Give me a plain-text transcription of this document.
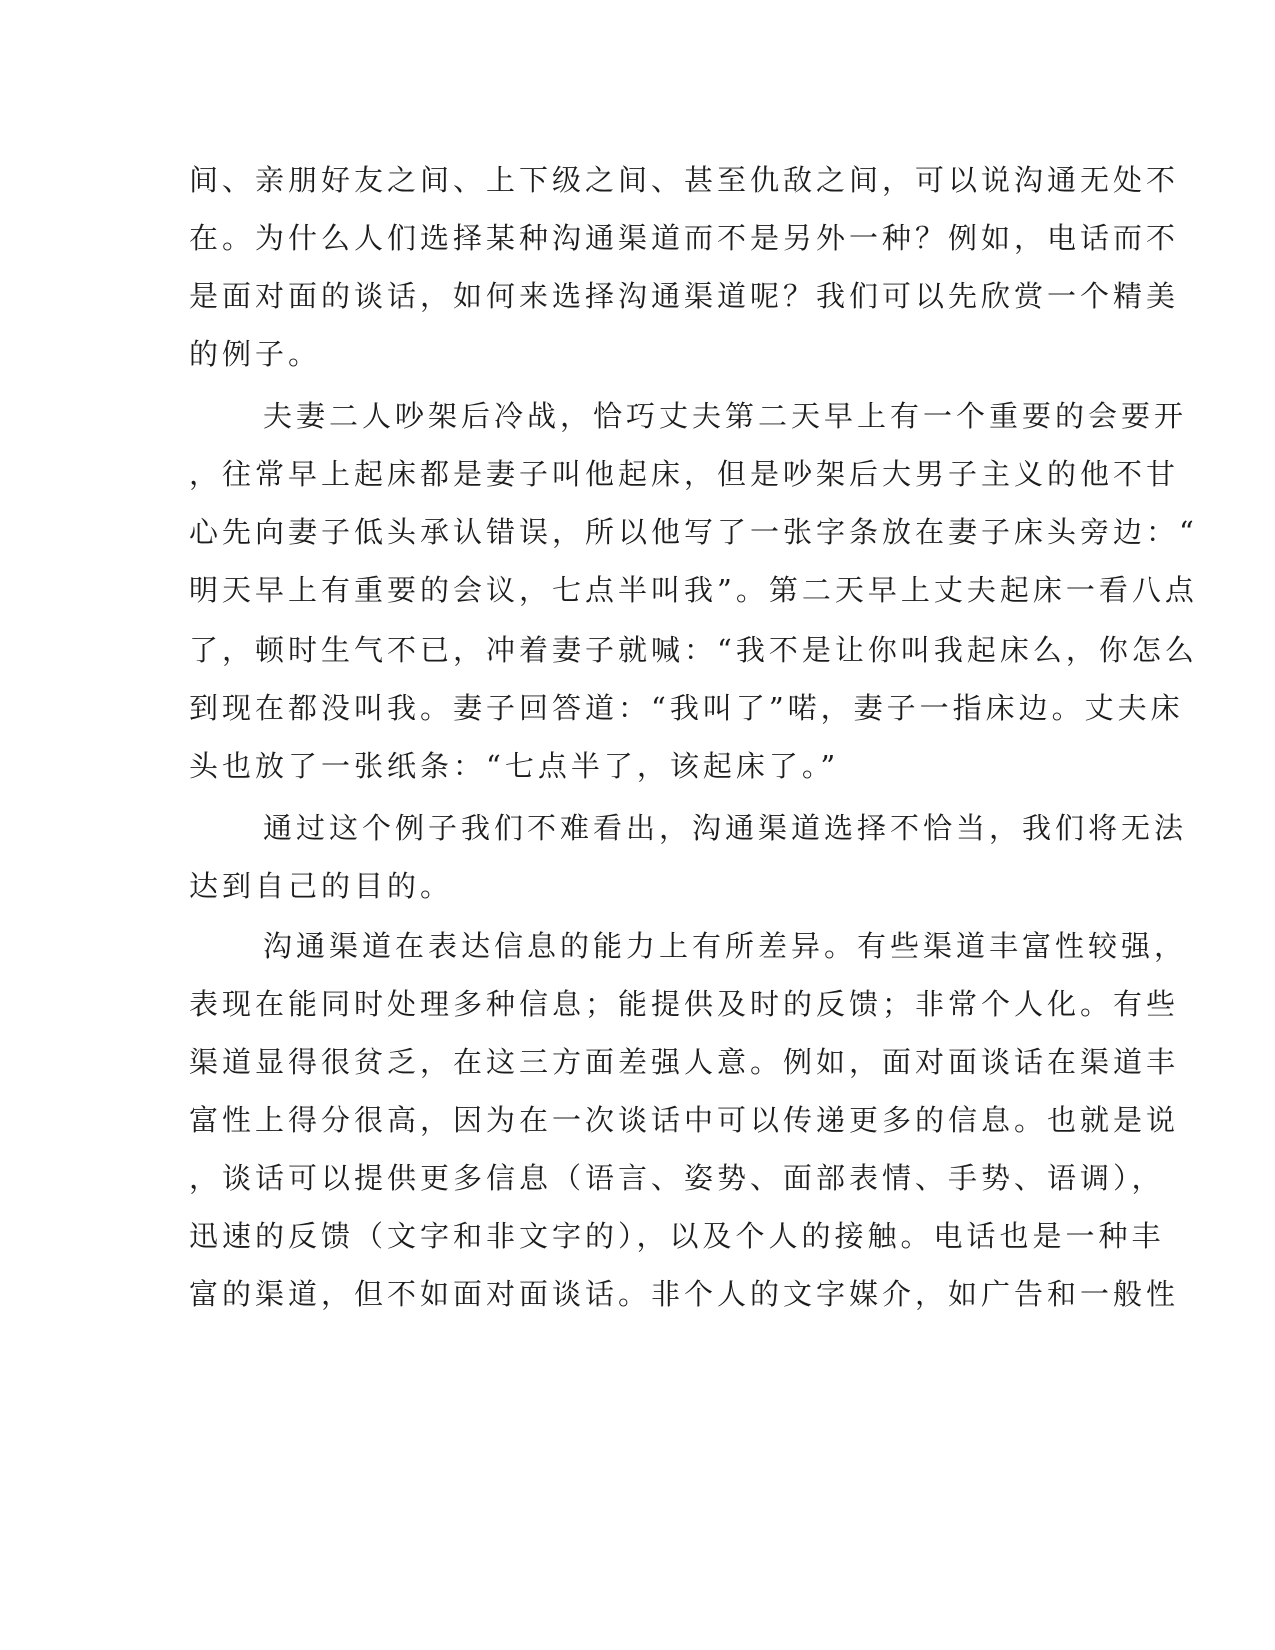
间、亲朋好友之间、上下级之间、甚至仇敌之间，可以说沟通无处不
在。为什么人们选择某种沟通渠道而不是另外一种？例如，电话而不
是面对面的谈话，如何来选择沟通渠道呢？我们可以先欣赏一个精美
的例子。
夫妻二人吵架后冷战，恰巧丈夫第二天早上有一个重要的会要开
，往常早上起床都是妻子叫他起床，但是吵架后大男子主义的他不甘
心先向妻子低头承认错误，所以他写了一张字条放在妻子床头旁边：“
明天早上有重要的会议，七点半叫我”。第二天早上丈夫起床一看八点
了，顿时生气不已，冲着妻子就喊：“我不是让你叫我起床么，你怎么
到现在都没叫我。妻子回答道：“我叫了”喏，妻子一指床边。丈夫床
头也放了一张纸条：“七点半了，该起床了。”
通过这个例子我们不难看出，沟通渠道选择不恰当，我们将无法
达到自己的目的。
沟通渠道在表达信息的能力上有所差异。有些渠道丰富性较强，
表现在能同时处理多种信息；能提供及时的反馈；非常个人化。有些
渠道显得很贫乏，在这三方面差强人意。例如，面对面谈话在渠道丰
富性上得分很高，因为在一次谈话中可以传递更多的信息。也就是说
，谈话可以提供更多信息（语言、姿势、面部表情、手势、语调），
迅速的反馈（文字和非文字的），以及个人的接触。电话也是一种丰
富的渠道，但不如面对面谈话。非个人的文字媒介，如广告和一般性
